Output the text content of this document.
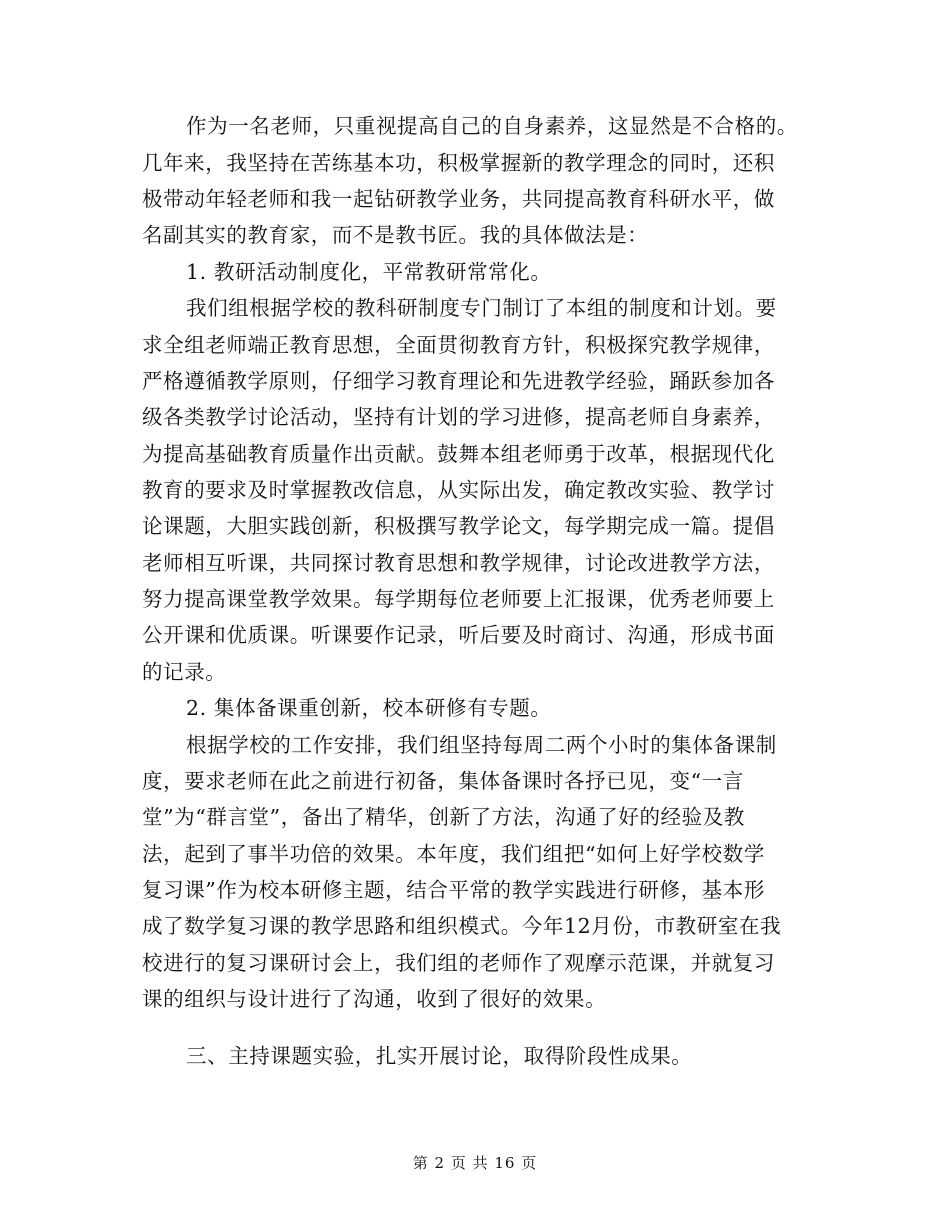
作为一名老师，只重视提高自己的自身素养，这显然是不合格的。
几年来，我坚持在苦练基本功，积极掌握新的教学理念的同时，还积
极带动年轻老师和我一起钻研教学业务，共同提高教育科研水平，做
名副其实的教育家，而不是教书匠。我的具体做法是：
1. 教研活动制度化，平常教研常常化。
我们组根据学校的教科研制度专门制订了本组的制度和计划。要
求全组老师端正教育思想，全面贯彻教育方针，积极探究教学规律，
严格遵循教学原则，仔细学习教育理论和先进教学经验，踊跃参加各
级各类教学讨论活动，坚持有计划的学习进修，提高老师自身素养，
为提高基础教育质量作出贡献。鼓舞本组老师勇于改革，根据现代化
教育的要求及时掌握教改信息，从实际出发，确定教改实验、教学讨
论课题，大胆实践创新，积极撰写教学论文，每学期完成一篇。提倡
老师相互听课，共同探讨教育思想和教学规律，讨论改进教学方法，
努力提高课堂教学效果。每学期每位老师要上汇报课，优秀老师要上
公开课和优质课。听课要作记录，听后要及时商讨、沟通，形成书面
的记录。
2. 集体备课重创新，校本研修有专题。
根据学校的工作安排，我们组坚持每周二两个小时的集体备课制
度，要求老师在此之前进行初备，集体备课时各抒已见，变“一言
堂”为“群言堂”，备出了精华，创新了方法，沟通了好的经验及教
法，起到了事半功倍的效果。本年度，我们组把“如何上好学校数学
复习课”作为校本研修主题，结合平常的教学实践进行研修，基本形
成了数学复习课的教学思路和组织模式。今年12月份，市教研室在我
校进行的复习课研讨会上，我们组的老师作了观摩示范课，并就复习
课的组织与设计进行了沟通，收到了很好的效果。
三、主持课题实验，扎实开展讨论，取得阶段性成果。
第 2 页 共 16 页
